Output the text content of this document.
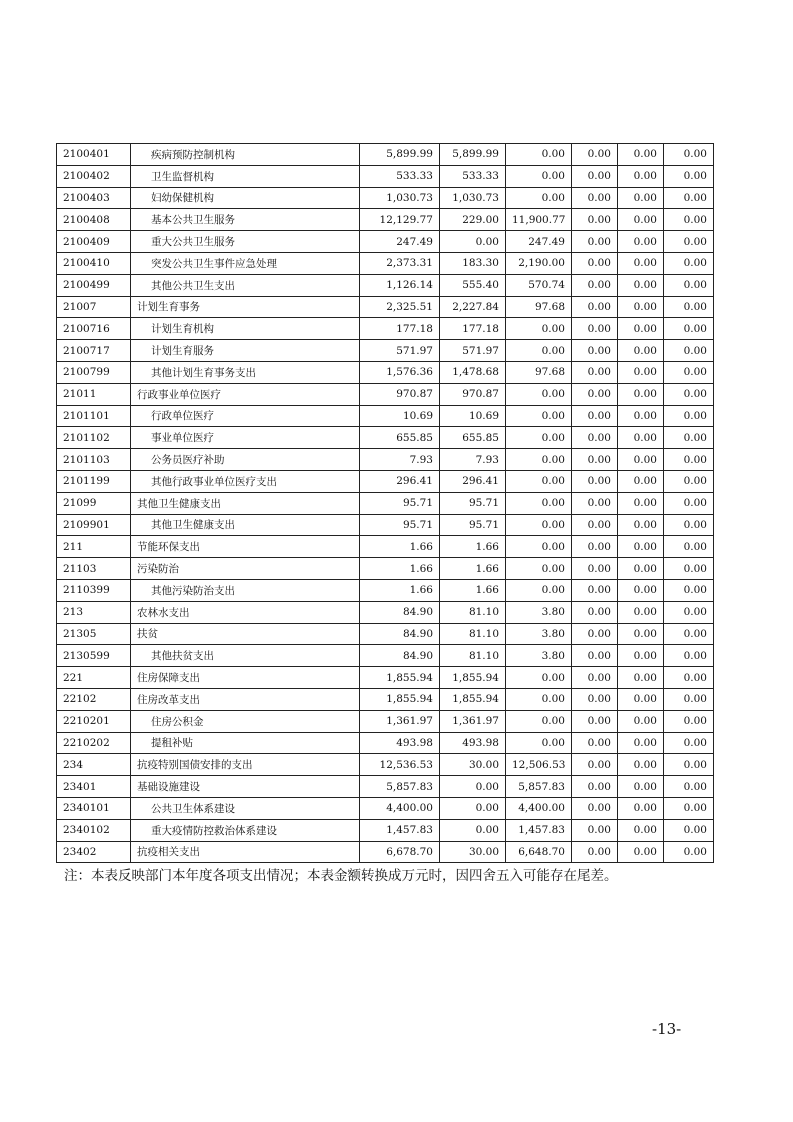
2100401	疾病预防控制机构	5,899.99	5,899.99	0.00	0.00	0.00	0.00
2100402	卫生监督机构	533.33	533.33	0.00	0.00	0.00	0.00
2100403	妇幼保健机构	1,030.73	1,030.73	0.00	0.00	0.00	0.00
2100408	基本公共卫生服务	12,129.77	229.00	11,900.77	0.00	0.00	0.00
2100409	重大公共卫生服务	247.49	0.00	247.49	0.00	0.00	0.00
2100410	突发公共卫生事件应急处理	2,373.31	183.30	2,190.00	0.00	0.00	0.00
2100499	其他公共卫生支出	1,126.14	555.40	570.74	0.00	0.00	0.00
21007	计划生育事务	2,325.51	2,227.84	97.68	0.00	0.00	0.00
2100716	计划生育机构	177.18	177.18	0.00	0.00	0.00	0.00
2100717	计划生育服务	571.97	571.97	0.00	0.00	0.00	0.00
2100799	其他计划生育事务支出	1,576.36	1,478.68	97.68	0.00	0.00	0.00
21011	行政事业单位医疗	970.87	970.87	0.00	0.00	0.00	0.00
2101101	行政单位医疗	10.69	10.69	0.00	0.00	0.00	0.00
2101102	事业单位医疗	655.85	655.85	0.00	0.00	0.00	0.00
2101103	公务员医疗补助	7.93	7.93	0.00	0.00	0.00	0.00
2101199	其他行政事业单位医疗支出	296.41	296.41	0.00	0.00	0.00	0.00
21099	其他卫生健康支出	95.71	95.71	0.00	0.00	0.00	0.00
2109901	其他卫生健康支出	95.71	95.71	0.00	0.00	0.00	0.00
211	节能环保支出	1.66	1.66	0.00	0.00	0.00	0.00
21103	污染防治	1.66	1.66	0.00	0.00	0.00	0.00
2110399	其他污染防治支出	1.66	1.66	0.00	0.00	0.00	0.00
213	农林水支出	84.90	81.10	3.80	0.00	0.00	0.00
21305	扶贫	84.90	81.10	3.80	0.00	0.00	0.00
2130599	其他扶贫支出	84.90	81.10	3.80	0.00	0.00	0.00
221	住房保障支出	1,855.94	1,855.94	0.00	0.00	0.00	0.00
22102	住房改革支出	1,855.94	1,855.94	0.00	0.00	0.00	0.00
2210201	住房公积金	1,361.97	1,361.97	0.00	0.00	0.00	0.00
2210202	提租补贴	493.98	493.98	0.00	0.00	0.00	0.00
234	抗疫特别国债安排的支出	12,536.53	30.00	12,506.53	0.00	0.00	0.00
23401	基础设施建设	5,857.83	0.00	5,857.83	0.00	0.00	0.00
2340101	公共卫生体系建设	4,400.00	0.00	4,400.00	0.00	0.00	0.00
2340102	重大疫情防控救治体系建设	1,457.83	0.00	1,457.83	0.00	0.00	0.00
23402	抗疫相关支出	6,678.70	30.00	6,648.70	0.00	0.00	0.00
注：本表反映部门本年度各项支出情况；本表金额转换成万元时，因四舍五入可能存在尾差。
-13-
